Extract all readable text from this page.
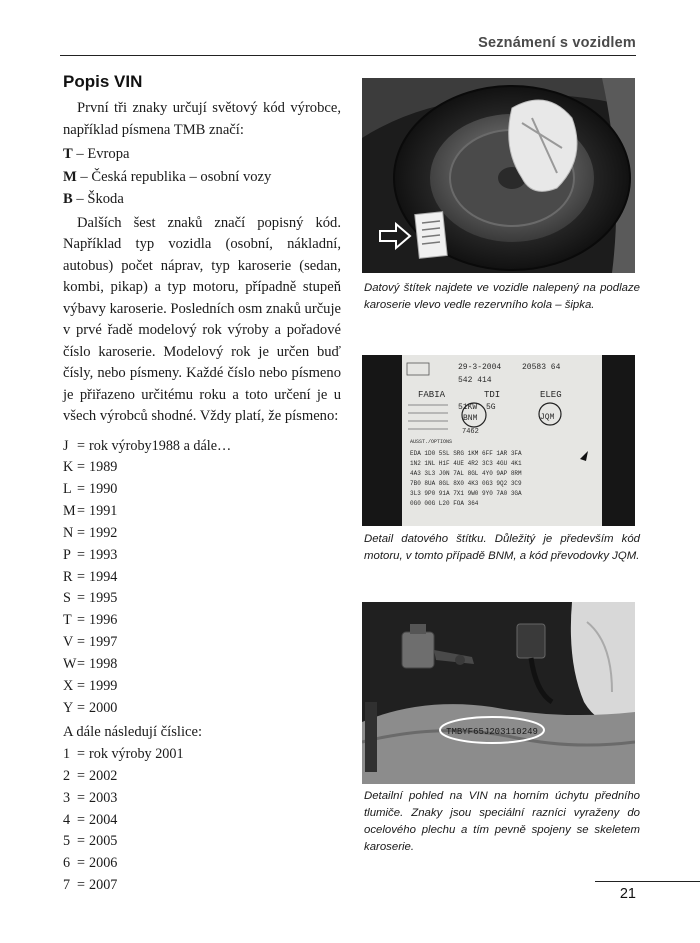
Seznámení s vozidlem
Popis VIN

První tři znaky určují světový kód výrobce, například písmena TMB značí:

T – Evropa
M – Česká republika – osobní vozy
B – Škoda

Dalších šest znaků značí popisný kód. Například typ vozidla (osobní, nákladní, autobus) počet náprav, typ karoserie (sedan, kombi, pikap) a typ motoru, případně stupeň výbavy karoserie. Posledních osm znaků určuje v prvé řadě modelový rok výroby a pořadové číslo karoserie. Modelový rok je určen buď čísly, nebo písmeny. Každé číslo nebo písmeno je přiřazeno určitému roku a toto určení je u všech výrobců shodné. Vždy platí, že písmeno:

J=rok výroby1988 a dále…
K=1989
L=1990
M=1991
N=1992
P=1993
R=1994
S=1995
T=1996
V=1997
W=1998
X=1999
Y=2000
A dále následují číslice:
1=rok výroby 2001
2=2002
3=2003
4=2004
5=2005
6=2006
7=2007
Datový štítek najdete ve vozidle nalepený na podlaze karoserie vlevo vedle rezervního kola – šipka.
29-3-2004	20583 64
542 414
FABIA	TDI	ELEG
51KW 5G
BNM	JQM
7462
AUSST./OPTIONS
EDA 1D0 5SL SRG 1KM 6FF 1AR 3FA
1N2 1NL H1F 4UE 4R2 3C3 4GU 4K1
4A3 3L3 J0N 7AL 8GL 4Y0 9AP 8RM
7B0 8UA 8GL 8X0 4K3 0G3 9Q2 3C9
3L3 9P0 91A 7X1 9W0 9Y0 7A0 3GA
0G0 00G L20 FOA 364
Detail datového štítku. Důležitý je především kód motoru, v tomto případě BNM, a kód převodovky JQM.
TMBYF65J203110249
Detailní pohled na VIN na horním úchytu předního tlumiče. Znaky jsou speciální razníci vyraženy do ocelového plechu a tím pevně spojeny se skeletem karoserie.
21
